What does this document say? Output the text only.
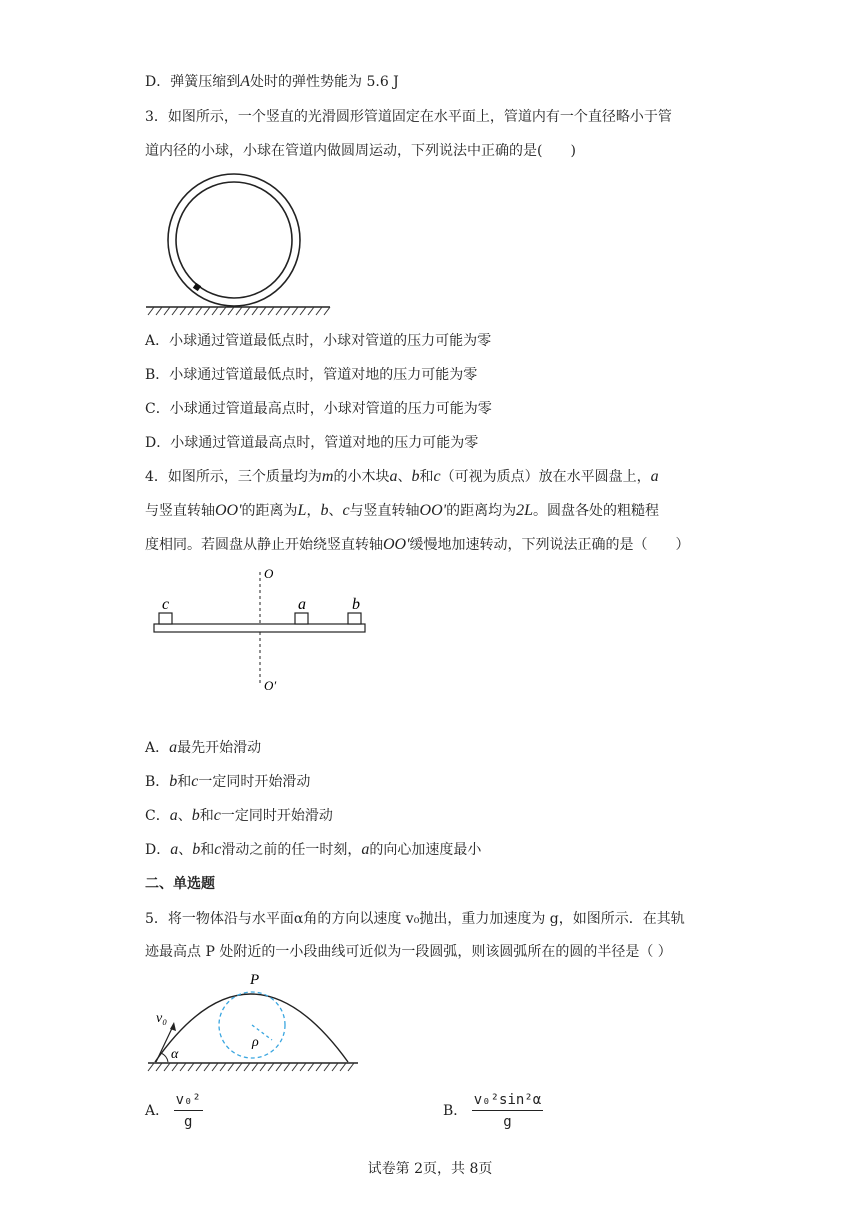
D．弹簧压缩到A处时的弹性势能为 5.6 J
3．如图所示，一个竖直的光滑圆形管道固定在水平面上，管道内有一个直径略小于管
道内径的小球，小球在管道内做圆周运动，下列说法中正确的是(　　)
A．小球通过管道最低点时，小球对管道的压力可能为零
B．小球通过管道最低点时，管道对地的压力可能为零
C．小球通过管道最高点时，小球对管道的压力可能为零
D．小球通过管道最高点时，管道对地的压力可能为零
4．如图所示，三个质量均为m的小木块a、b和c（可视为质点）放在水平圆盘上，a
与竖直转轴OO'的距离为L，b、c与竖直转轴OO'的距离均为2L。圆盘各处的粗糙程
度相同。若圆盘从静止开始绕竖直转轴OO'缓慢地加速转动，下列说法正确的是（　　）
c	a	b
O
O′
A．a最先开始滑动
B．b和c一定同时开始滑动
C．a、b和c一定同时开始滑动
D．a、b和c滑动之前的任一时刻，a的向心加速度最小
二、单选题
5．将一物体沿与水平面α角的方向以速度 v₀抛出，重力加速度为 g，如图所示．在其轨
迹最高点 P 处附近的一小段曲线可近似为一段圆弧，则该圆弧所在的圆的半径是（ ）
P
v₀
α
ρ
A． $\frac{\text{v₀²}}{g}$	B． $\frac{\text{v₀²sin²α}}{g}$
试卷第 2页，共 8页
